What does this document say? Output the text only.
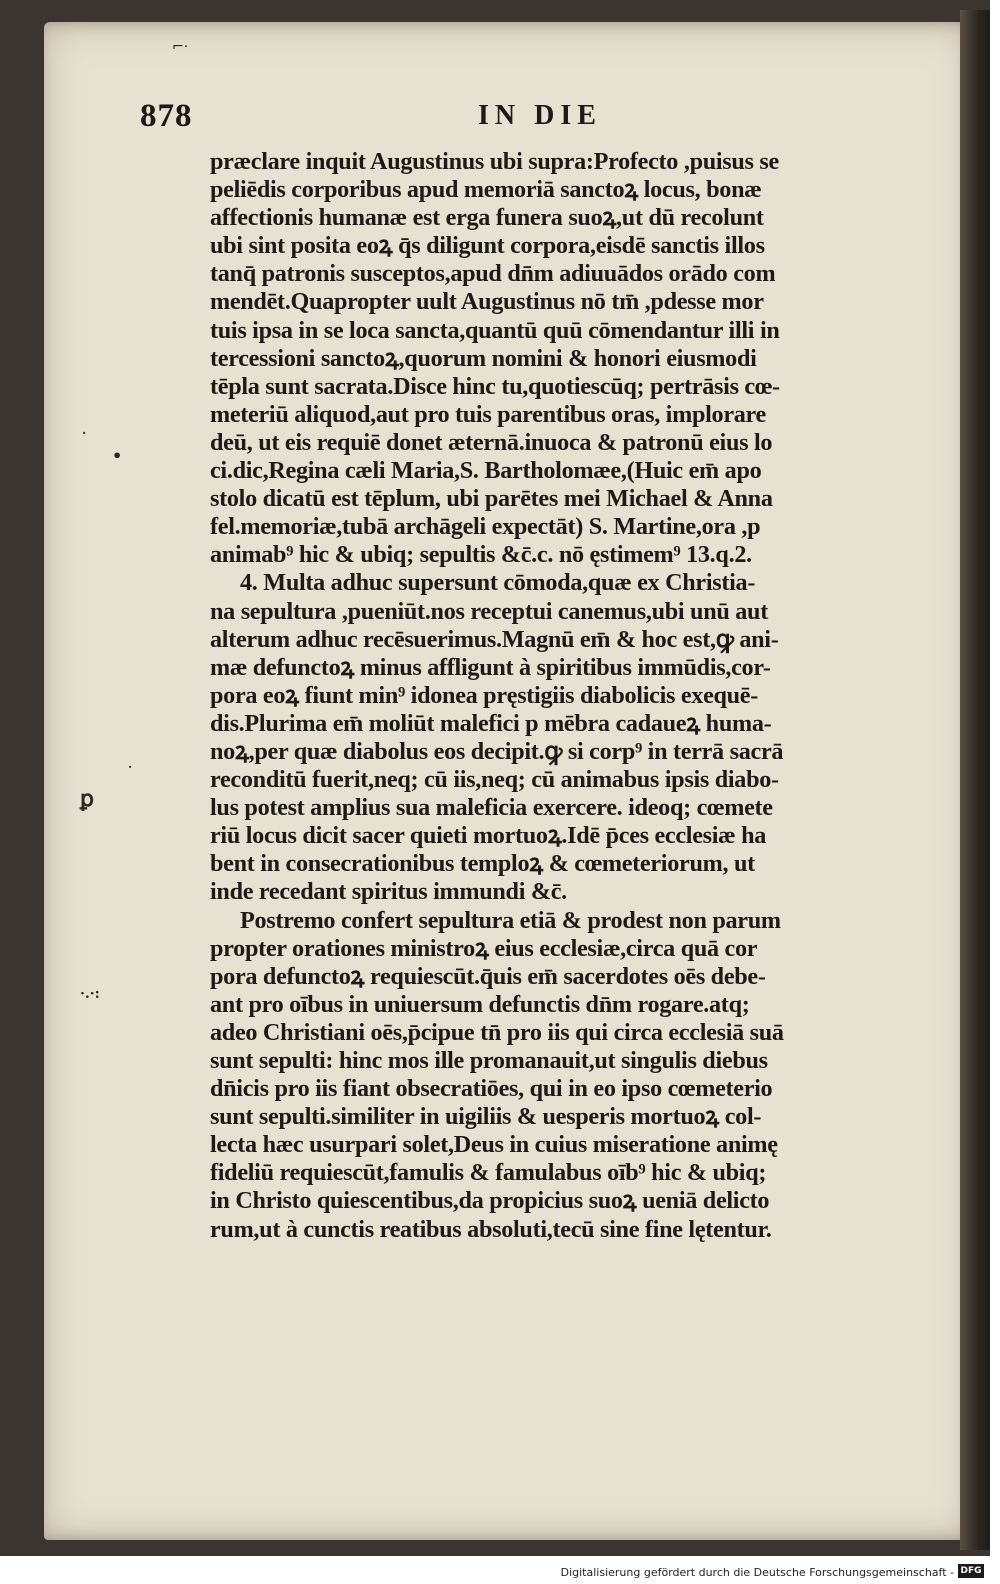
⌐·
878	IN DIE
præclare inquit Augustinus ubi supra:Profecto ,puisus se
peliēdis corporibus apud memoriā sanctoꝝ locus, bonæ
affectionis humanæ est erga funera suoꝝ,ut dū recolunt
ubi sint posita eoꝝ q̄s diligunt corpora,eisdē sanctis illos
tanq̄ patronis susceptos,apud dn̄m adiuuādos orādo com
mendēt.Quapropter uult Augustinus nō tm̄ ,pdesse mor
tuis ipsa in se loca sancta,quantū quū cōmendantur illi in
tercessioni sanctoꝝ,quorum nomini & honori eiusmodi
tēpla sunt sacrata.Disce hinc tu,quotiescūq; pertrāsis cœ-
meteriū aliquod,aut pro tuis parentibus oras, implorare
deū, ut eis requiē donet æternā.inuoca & patronū eius lo
ci.dic,Regina cæli Maria,S. Bartholomæe,(Huic em̄ apo
stolo dicatū est tēplum, ubi parētes mei Michael & Anna
fel.memoriæ,tubā archāgeli expectāt) S. Martine,ora ,p
animab⁹ hic & ubiq; sepultis &c̄.c. nō ęstimem⁹ 13.q.2.
4. Multa adhuc supersunt cōmoda,quæ ex Christia-
na sepultura ,pueniūt.nos receptui canemus,ubi unū aut
alterum adhuc recēsuerimus.Magnū em̄ & hoc est,ꝙ ani-
mæ defunctoꝝ minus affligunt à spiritibus immūdis,cor-
pora eoꝝ fiunt min⁹ idonea pręstigiis diabolicis exequē-
dis.Plurima em̄ moliūt malefici p mēbra cadaueꝝ huma-
noꝝ,per quæ diabolus eos decipit.ꝙ si corp⁹ in terrā sacrā
reconditū fuerit,neq; cū iis,neq; cū animabus ipsis diabo-
lus potest amplius sua maleficia exercere. ideoq; cœmete
riū locus dicit sacer quieti mortuoꝝ.Idē p̄ces ecclesiæ ha
bent in consecrationibus temploꝝ & cœmeteriorum, ut
inde recedant spiritus immundi &c̄.
Postremo confert sepultura etiā & prodest non parum
propter orationes ministroꝝ eius ecclesiæ,circa quā cor
pora defunctoꝝ requiescūt.q̄uis em̄ sacerdotes oēs debe-
ant pro oībus in uniuersum defunctis dn̄m rogare.atq;
adeo Christiani oēs,p̄cipue tn̄ pro iis qui circa ecclesiā suā
sunt sepulti: hinc mos ille promanauit,ut singulis diebus
dn̄icis pro iis fiant obsecratiōes, qui in eo ipso cœmeterio
sunt sepulti.similiter in uigiliis & uesperis mortuoꝝ col-
lecta hæc usurpari solet,Deus in cuius miseratione animę
fideliū requiescūt,famulis & famulabus oīb⁹ hic & ubiq;
in Christo quiescentibus,da propicius suoꝝ ueniā delicto
rum,ut à cunctis reatibus absoluti,tecū sine fine lętentur.
·
•
·
ꝑ
·.·:
Digitalisierung gefördert durch die Deutsche Forschungsgemeinschaft - DFG
